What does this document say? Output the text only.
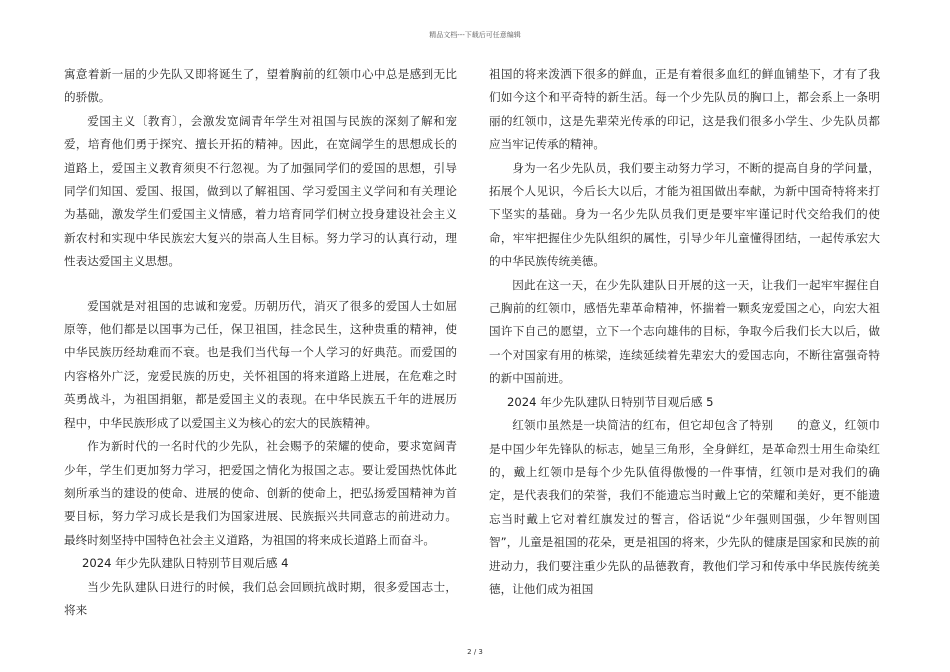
精品文档---下载后可任意编辑

寓意着新一届的少先队又即将诞生了，望着胸前的红领巾心中总是感到无比的骄傲。

爱国主义〔教育〕，会激发宽阔青年学生对祖国与民族的深刻了解和宠爱，培育他们勇于探究、擅长开拓的精神。因此，在宽阔学生的思想成长的道路上，爱国主义教育须臾不行忽视。为了加强同学们的爱国的思想，引导同学们知国、爱国、报国，做到以了解祖国、学习爱国主义学问和有关理论为基础，激发学生们爱国主义情感，着力培育同学们树立投身建设社会主义新农村和实现中华民族宏大复兴的崇高人生目标。努力学习的认真行动，理性表达爱国主义思想。

爱国就是对祖国的忠诚和宠爱。历朝历代，消灭了很多的爱国人士如屈原等，他们都是以国事为己任，保卫祖国，挂念民生，这种贵重的精神，使中华民族历经劫难而不衰。也是我们当代每一个人学习的好典范。而爱国的内容格外广泛，宠爱民族的历史，关怀祖国的将来道路上进展，在危难之时英勇战斗，为祖国捐躯，都是爱国主义的表现。在中华民族五千年的进展历程中，中华民族形成了以爱国主义为核心的宏大的民族精神。

作为新时代的一名时代的少先队，社会赐予的荣耀的使命，要求宽阔青少年，学生们更加努力学习，把爱国之情化为报国之志。要让爱国热忱体此刻所承当的建设的使命、进展的使命、创新的使命上，把弘扬爱国精神为首要目标，努力学习成长是我们为国家进展、民族振兴共同意志的前进动力。最终时刻坚持中国特色社会主义道路，为祖国的将来成长道路上而奋斗。

2024 年少先队建队日特别节目观后感 4

当少先队建队日进行的时候，我们总会回顾抗战时期，很多爱国志士，将来

祖国的将来泼洒下很多的鲜血，正是有着很多血红的鲜血铺垫下，才有了我们如今这个和平奇特的新生活。每一个少先队员的胸口上，都会系上一条明丽的红领巾，这是先辈荣光传承的印记，这是我们很多小学生、少先队员都应当牢记传承的精神。

身为一名少先队员，我们要主动努力学习，不断的提高自身的学问量，拓展个人见识，今后长大以后，才能为祖国做出奉献，为新中国奇特将来打下坚实的基础。身为一名少先队员我们更是要牢牢谨记时代交给我们的使命，牢牢把握住少先队组织的属性，引导少年儿童懂得团结，一起传承宏大的中华民族传统美德。

因此在这一天，在少先队建队日开展的这一天，让我们一起牢牢握住自己胸前的红领巾，感悟先辈革命精神，怀揣着一颗炙宠爱国之心，向宏大祖国许下自己的愿望，立下一个志向雄伟的目标，争取今后我们长大以后，做一个对国家有用的栋梁，连续延续着先辈宏大的爱国志向，不断往富强奇特的新中国前进。

2024 年少先队建队日特别节目观后感 5

红领巾虽然是一块简洁的红布，但它却包含了特别　　的意义，红领巾是中国少年先锋队的标志，她呈三角形，全身鲜红，是革命烈士用生命染红的，戴上红领巾是每个少先队值得傲慢的一件事情，红领巾是对我们的确定，是代表我们的荣誉，我们不能遗忘当时戴上它的荣耀和美好，更不能遗忘当时戴上它对着红旗发过的誓言，俗话说“少年强则国强，少年智则国智”，儿童是祖国的花朵，更是祖国的将来，少先队的健康是国家和民族的前进动力，我们要注重少先队的品德教育，教他们学习和传承中华民族传统美德，让他们成为祖国

2 / 3
